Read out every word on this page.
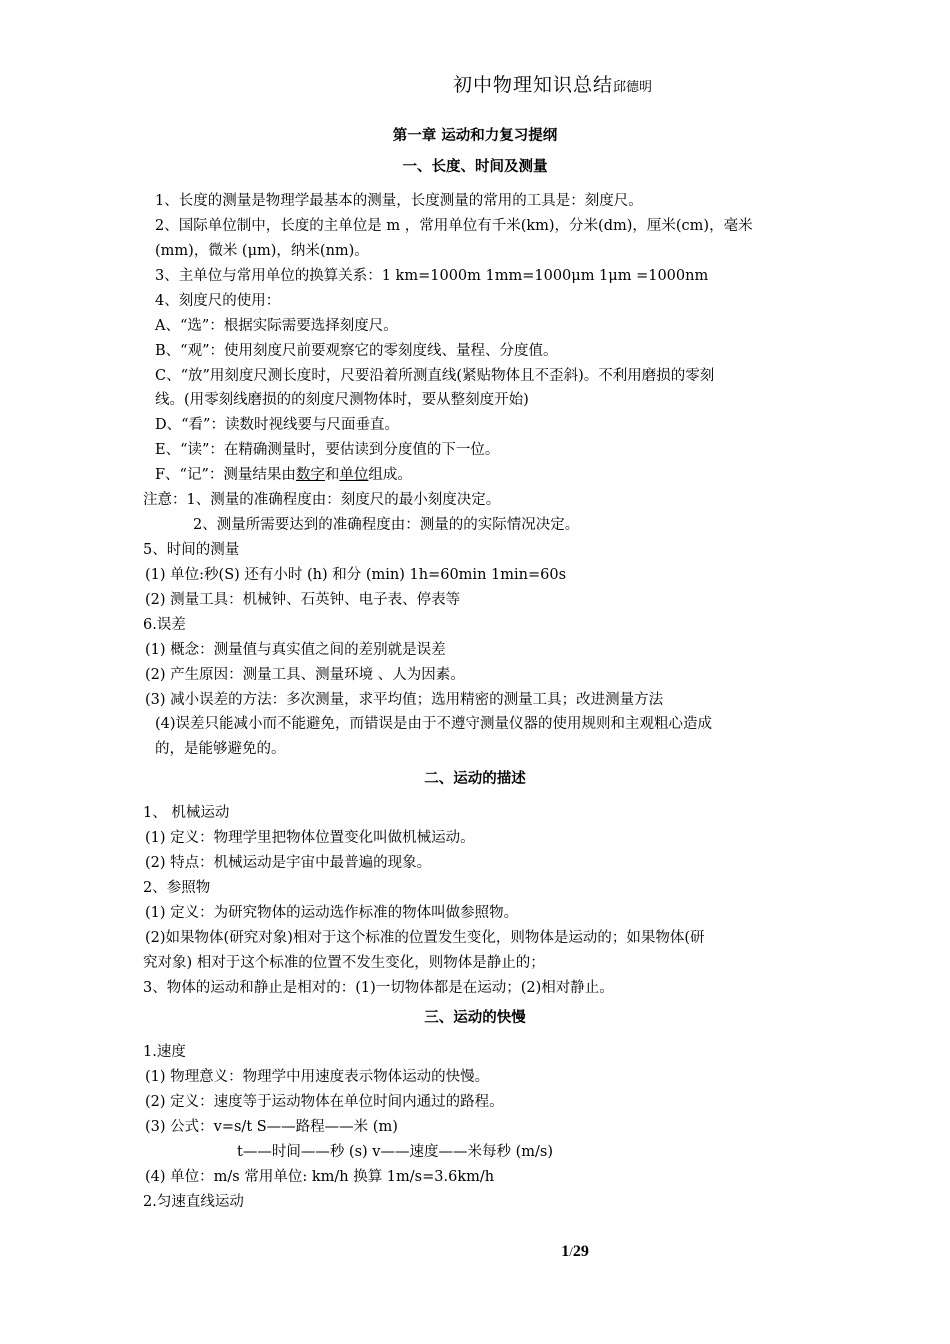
初中物理知识总结邱德明
第一章 运动和力复习提纲
一、长度、时间及测量
1、长度的测量是物理学最基本的测量，长度测量的常用的工具是：刻度尺。
2、国际单位制中，长度的主单位是 m ，常用单位有千米(km)，分米(dm)，厘米(cm)，毫米
(mm)，微米 (μm)，纳米(nm)。
3、主单位与常用单位的换算关系：1 km=1000m 1mm=1000μm 1μm =1000nm
4、刻度尺的使用：
A、“选”：根据实际需要选择刻度尺。
B、“观”：使用刻度尺前要观察它的零刻度线、量程、分度值。
C、“放”用刻度尺测长度时，尺要沿着所测直线(紧贴物体且不歪斜)。不利用磨损的零刻
线。(用零刻线磨损的的刻度尺测物体时，要从整刻度开始)
D、“看”：读数时视线要与尺面垂直。
E、“读”：在精确测量时，要估读到分度值的下一位。
F、“记”：测量结果由数字和单位组成。
注意：1、测量的准确程度由：刻度尺的最小刻度决定。
2、测量所需要达到的准确程度由：测量的的实际情况决定。
5、时间的测量
(1) 单位:秒(S) 还有小时 (h) 和分 (min) 1h=60min 1min=60s
(2) 测量工具：机械钟、石英钟、电子表、停表等
6.误差
(1) 概念：测量值与真实值之间的差别就是误差
(2) 产生原因：测量工具、测量环境 、人为因素。
(3) 减小误差的方法：多次测量，求平均值；选用精密的测量工具；改进测量方法
(4)误差只能减小而不能避免，而错误是由于不遵守测量仪器的使用规则和主观粗心造成
的，是能够避免的。
二、运动的描述
1、 机械运动
(1) 定义：物理学里把物体位置变化叫做机械运动。
(2) 特点：机械运动是宇宙中最普遍的现象。
2、参照物
(1) 定义：为研究物体的运动选作标准的物体叫做参照物。
(2)如果物体(研究对象)相对于这个标准的位置发生变化，则物体是运动的；如果物体(研
究对象) 相对于这个标准的位置不发生变化，则物体是静止的；
3、物体的运动和静止是相对的：(1)一切物体都是在运动；(2)相对静止。
三、运动的快慢
1.速度
(1) 物理意义：物理学中用速度表示物体运动的快慢。
(2) 定义：速度等于运动物体在单位时间内通过的路程。
(3) 公式：v=s/t S——路程——米 (m)
t——时间——秒 (s) v——速度——米每秒 (m/s)
(4) 单位：m/s 常用单位: km/h 换算 1m/s=3.6km/h
2.匀速直线运动
1/29
